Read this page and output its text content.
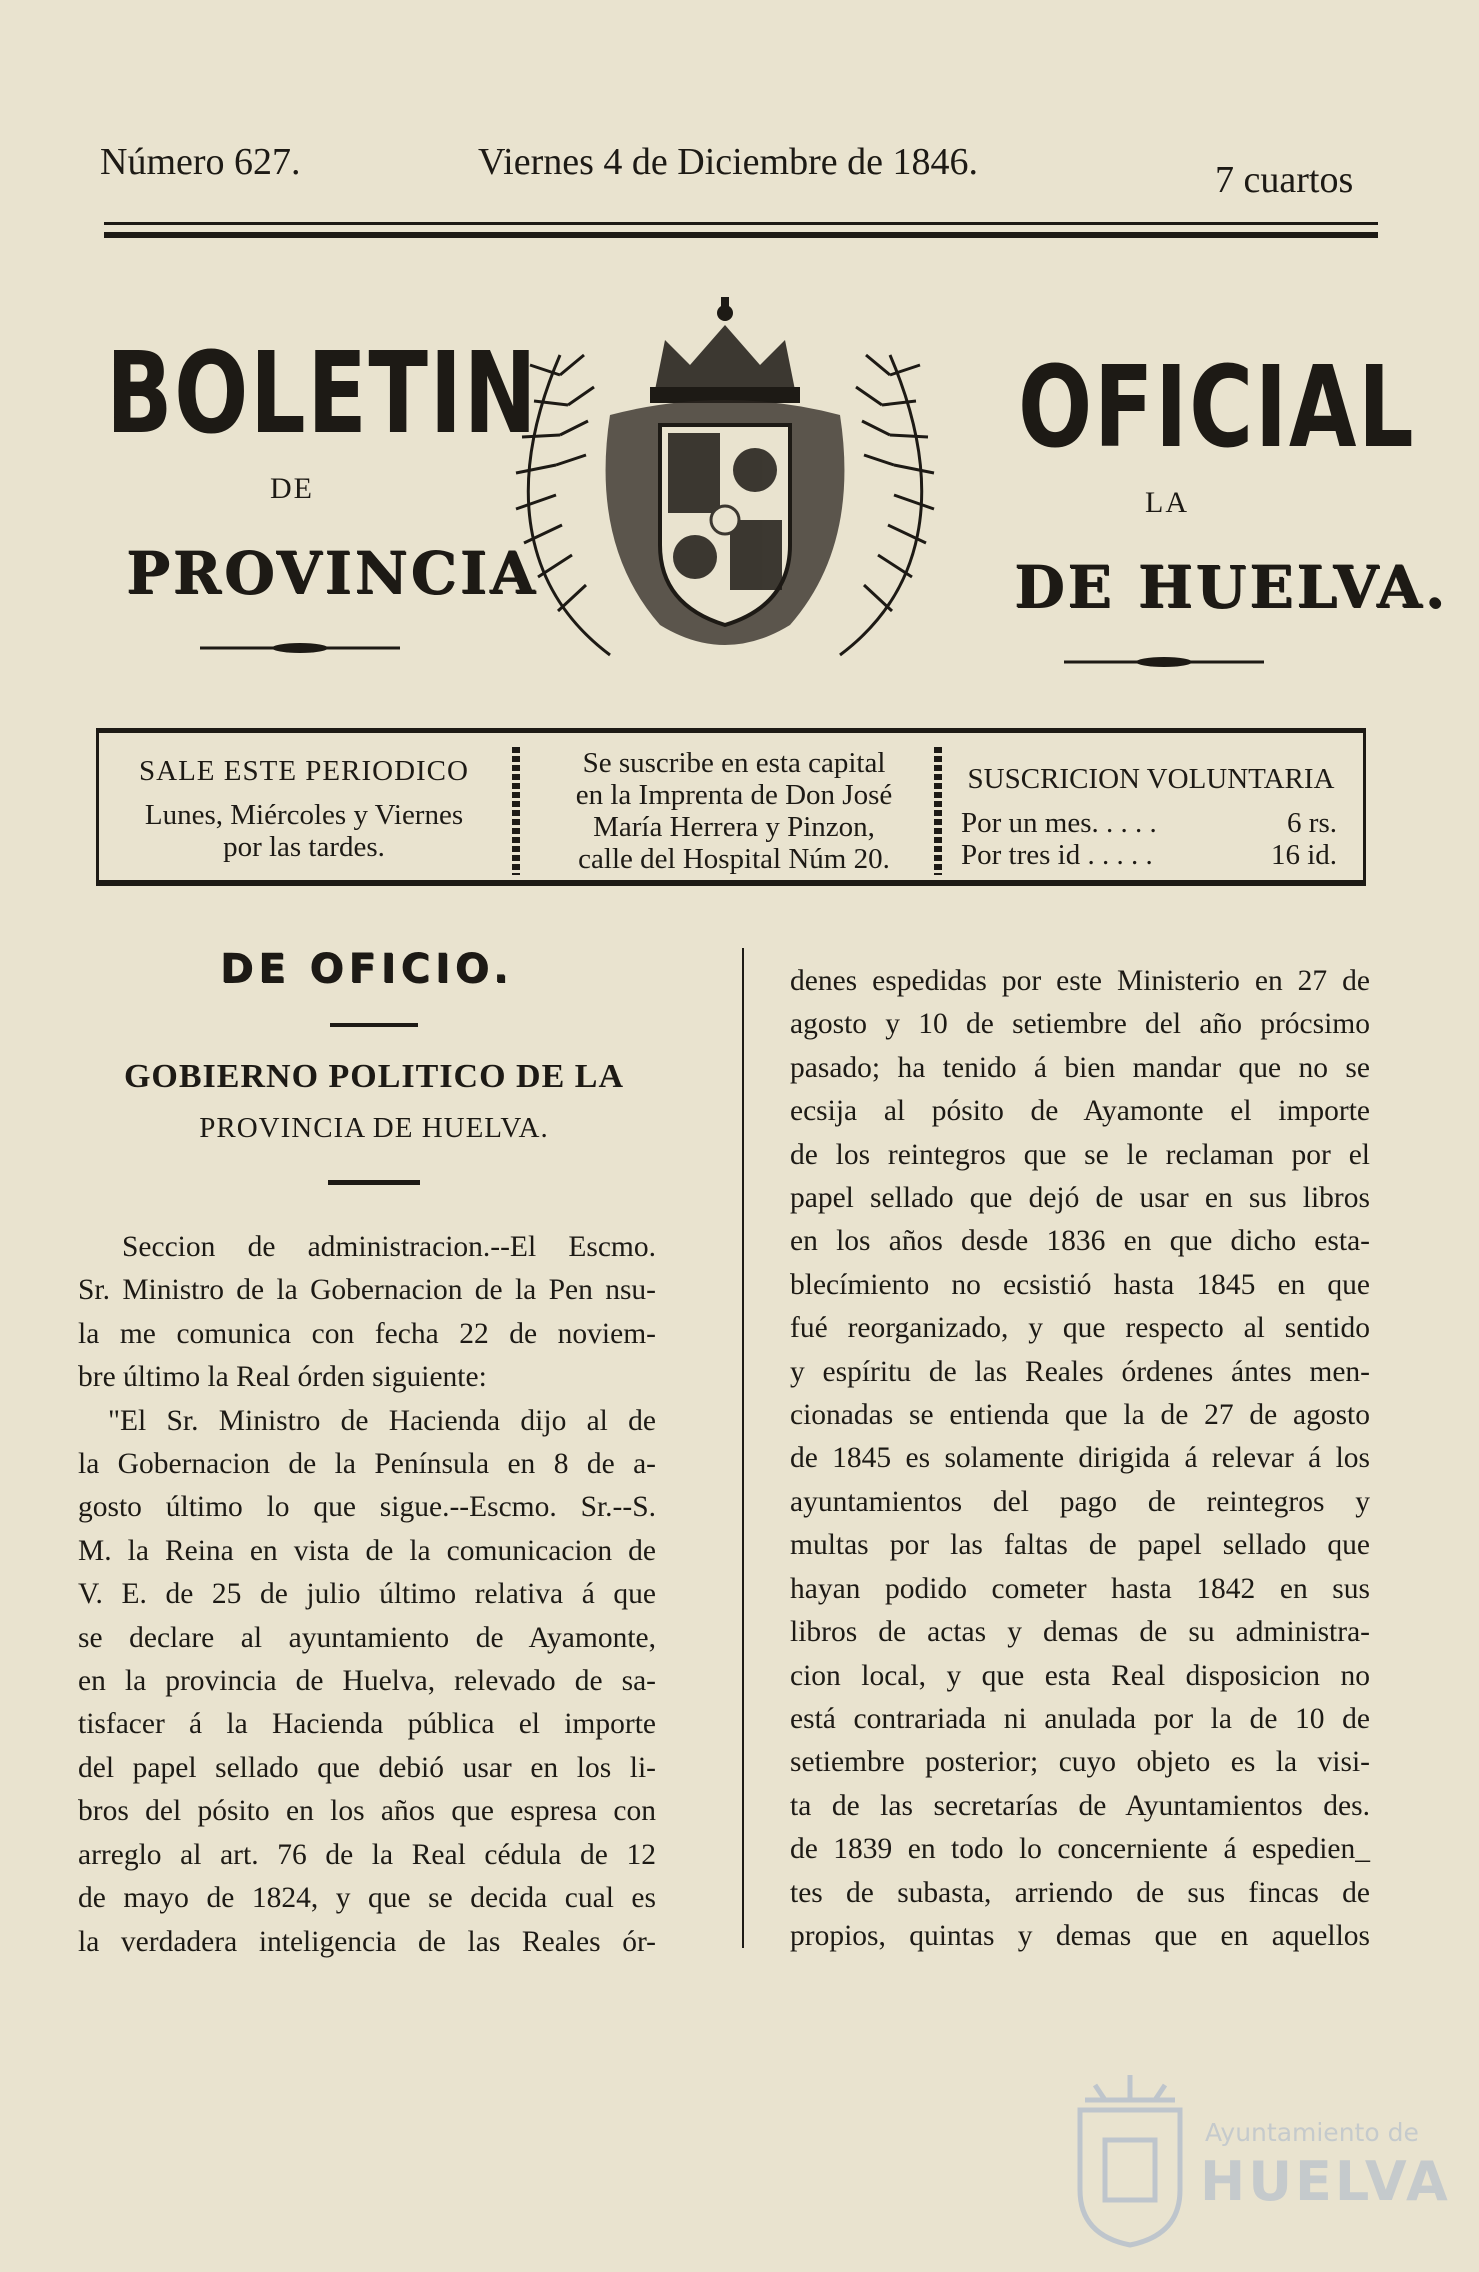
Número 627.	Viernes 4 de Diciembre de 1846.	7 cuartos
BOLETIN	OFICIAL
DE	LA
PROVINCIA	DE HUELVA.
SALE ESTE PERIODICO
Lunes, Miércoles y Viernes
por las tardes.
Se suscribe en esta capital
en la Imprenta de Don José
María Herrera y Pinzon,
calle del Hospital Núm 20.
SUSCRICION VOLUNTARIA
Por un mes. . . . .	6 rs.
Por tres id . . . . .	16 id.
DE OFICIO.
GOBIERNO POLITICO DE LA
PROVINCIA DE HUELVA.
Seccion de administracion.--El Escmo.
Sr. Ministro de la Gobernacion de la Pen nsu-
la me comunica con fecha 22 de noviem-
bre último la Real órden siguiente:
"El Sr. Ministro de Hacienda dijo al de
la Gobernacion de la Península en 8 de a-
gosto último lo que sigue.--Escmo. Sr.--S.
M. la Reina en vista de la comunicacion de
V. E. de 25 de julio último relativa á que
se declare al ayuntamiento de Ayamonte,
en la provincia de Huelva, relevado de sa-
tisfacer á la Hacienda pública el importe
del papel sellado que debió usar en los li-
bros del pósito en los años que espresa con
arreglo al art. 76 de la Real cédula de 12
de mayo de 1824, y que se decida cual es
la verdadera inteligencia de las Reales ór-
denes espedidas por este Ministerio en 27 de
agosto y 10 de setiembre del año prócsimo
pasado; ha tenido á bien mandar que no se
ecsija al pósito de Ayamonte el importe
de los reintegros que se le reclaman por el
papel sellado que dejó de usar en sus libros
en los años desde 1836 en que dicho esta-
blecímiento no ecsistió hasta 1845 en que
fué reorganizado, y que respecto al sentido
y espíritu de las Reales órdenes ántes men-
cionadas se entienda que la de 27 de agosto
de 1845 es solamente dirigida á relevar á los
ayuntamientos del pago de reintegros y
multas por las faltas de papel sellado que
hayan podido cometer hasta 1842 en sus
libros de actas y demas de su administra-
cion local, y que esta Real disposicion no
está contrariada ni anulada por la de 10 de
setiembre posterior; cuyo objeto es la visi-
ta de las secretarías de Ayuntamientos des.
de 1839 en todo lo concerniente á espedien_
tes de subasta, arriendo de sus fincas de
propios, quintas y demas que en aquellos
Ayuntamiento de
HUELVA
